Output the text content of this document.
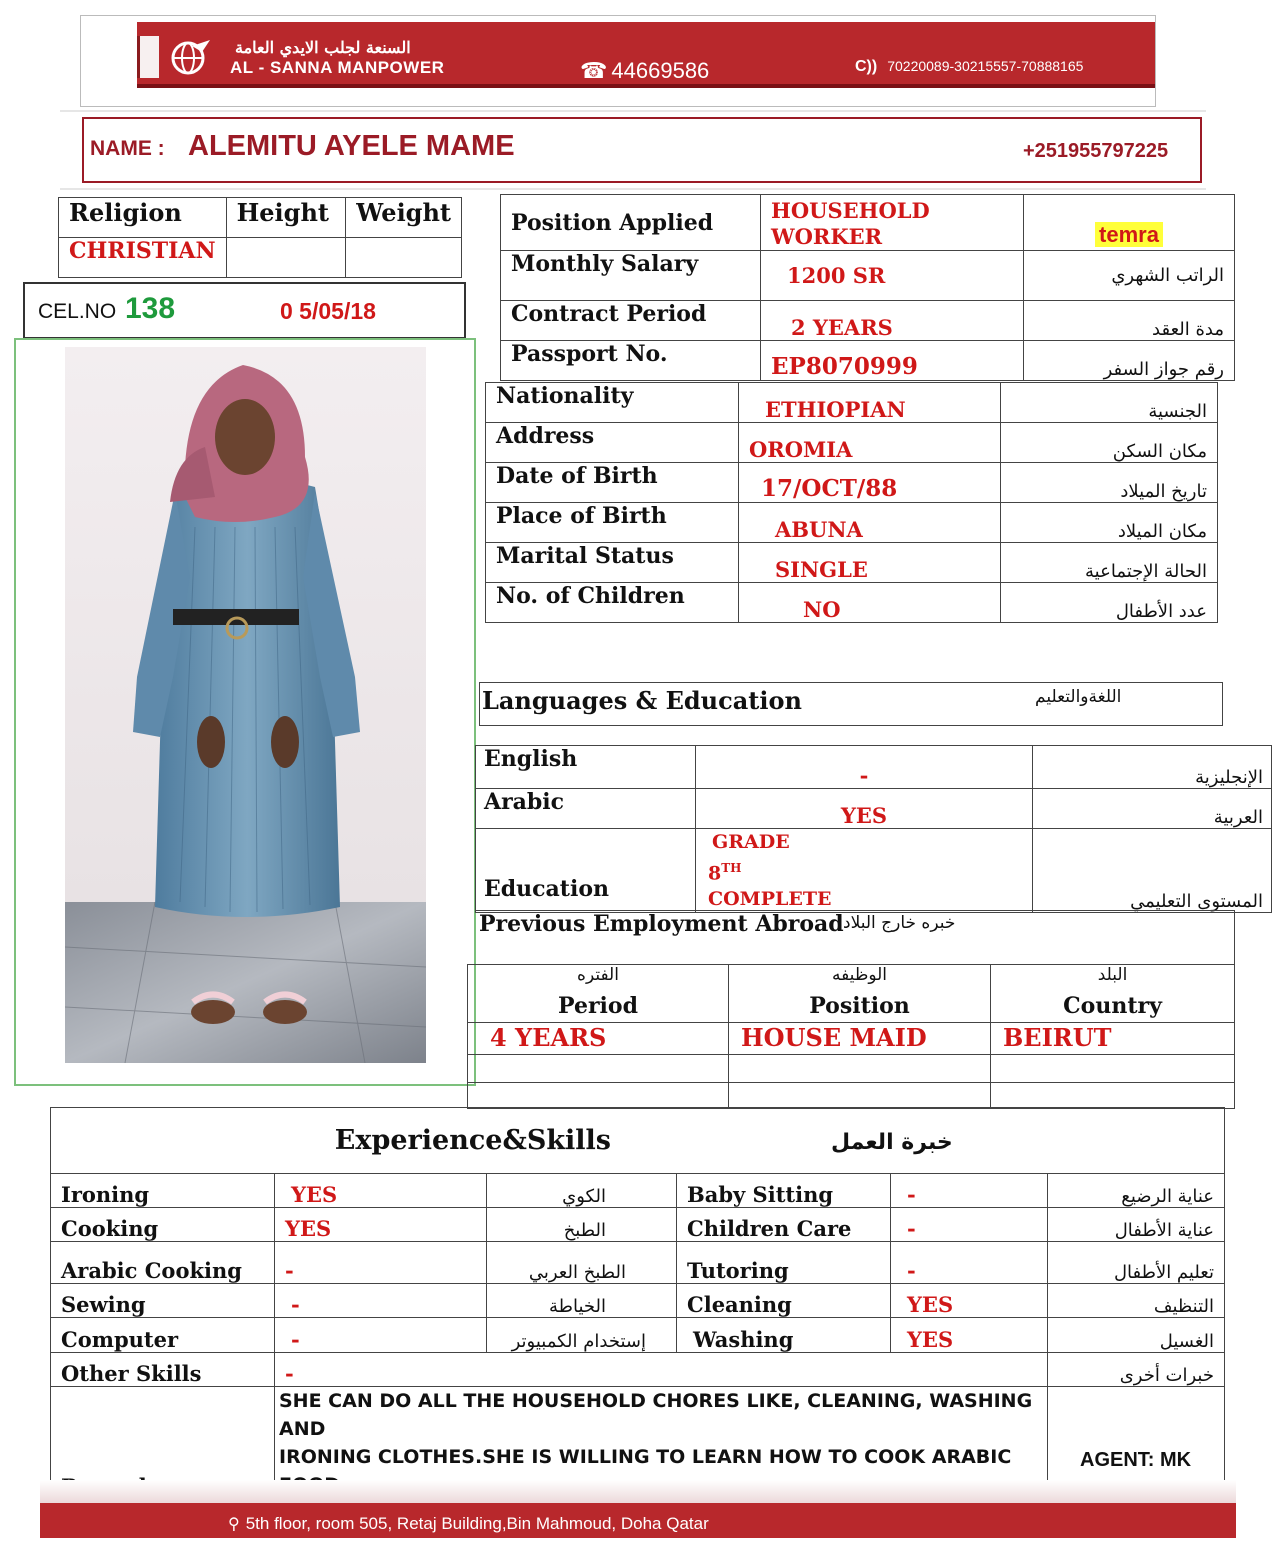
السنعة لجلب الايدي العامة
AL - SANNA MANPOWER	☎ 44669586	C)) 70220089-30215557-70888165
NAME : ALEMITU AYELE MAME	+251955797225
Religion	Height	Weight
CHRISTIAN		
CEL.NO 138	0 5/05/18
Position Applied	HOUSEHOLD
WORKER	temra
Monthly Salary	1200 SR	الراتب الشهري
Contract Period	2 YEARS	مدة العقد
Passport No.	EP8070999	رقم جواز السفر
Nationality	ETHIOPIAN	الجنسية
Address	OROMIA	مكان السكن
Date of Birth	17/OCT/88	تاريخ الميلاد
Place of Birth	ABUNA	مكان الميلاد
Marital Status	SINGLE	الحالة الإجتماعية
No. of Children	NO	عدد الأطفال
Languages & Education	اللغةوالتعليم
English	-	الإنجليزية
Arabic	YES	العربية
Education	GRADE
8TH
COMPLETE	المستوى التعليمي
Previous Employment Abroad خبره خارج البلاد
الفتره	الوظيفه	البلد
Period	Position	Country
4 YEARS	HOUSE MAID	BEIRUT

Experience&Skills خبرة العمل					
Ironing	YES	الكوي	Baby Sitting	-	عناية الرضيع
Cooking	YES	الطبخ	Children Care	-	عناية الأطفال
Arabic Cooking	-	الطبخ العربي	Tutoring	-	تعليم الأطفال
Sewing	-	الخياطة	Cleaning	YES	التنظيف
Computer	-	إستخدام الكمبيوتر	Washing	YES	الغسيل
Other Skills	-				خبرات أخرى

SHE CAN DO ALL THE HOUSEHOLD CHORES LIKE, CLEANING, WASHING AND
IRONING CLOTHES.SHE IS WILLING TO LEARN HOW TO COOK ARABIC
		AGENT: MK
⚲ 5th floor, room 505, Retaj Building,Bin Mahmoud, Doha Qatar
